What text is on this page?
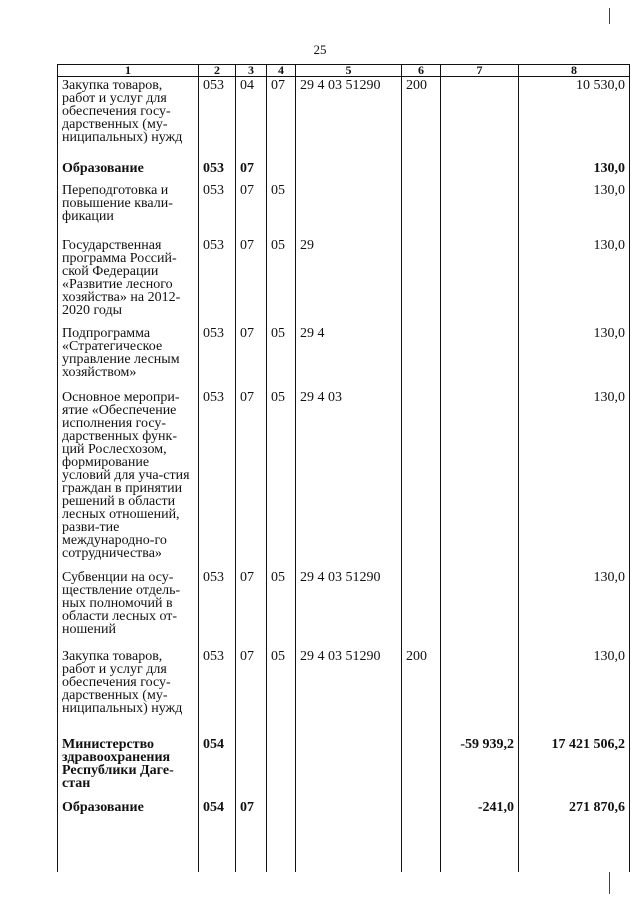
25
1	2	3	4	5	6	7	8
Закупка товаров, работ и услуг для обеспечения госу-дарственных (му-ниципальных) нужд	053	04	07	29 4 03 51290	200		10 530,0
Образование	053	07					130,0
Переподготовка и повышение квали-фикации	053	07	05				130,0
Государственная программа Россий-ской Федерации «Развитие лесного хозяйства» на 2012-2020 годы	053	07	05	29			130,0
Подпрограмма «Стратегическое управление лесным хозяйством»	053	07	05	29 4			130,0
Основное меропри-ятие «Обеспечение исполнения госу-дарственных функ-ций Рослесхозом, формирование условий для уча-стия граждан в принятии решений в области лесных отношений, разви-тие международно-го сотрудничества»	053	07	05	29 4 03			130,0
Субвенции на осу-ществление отдель-ных полномочий в области лесных от-ношений	053	07	05	29 4 03 51290			130,0
Закупка товаров, работ и услуг для обеспечения госу-дарственных (му-ниципальных) нужд	053	07	05	29 4 03 51290	200		130,0
Министерство здравоохранения Республики Даге-стан	054					-59 939,2	17 421 506,2
Образование	054	07				-241,0	271 870,6
